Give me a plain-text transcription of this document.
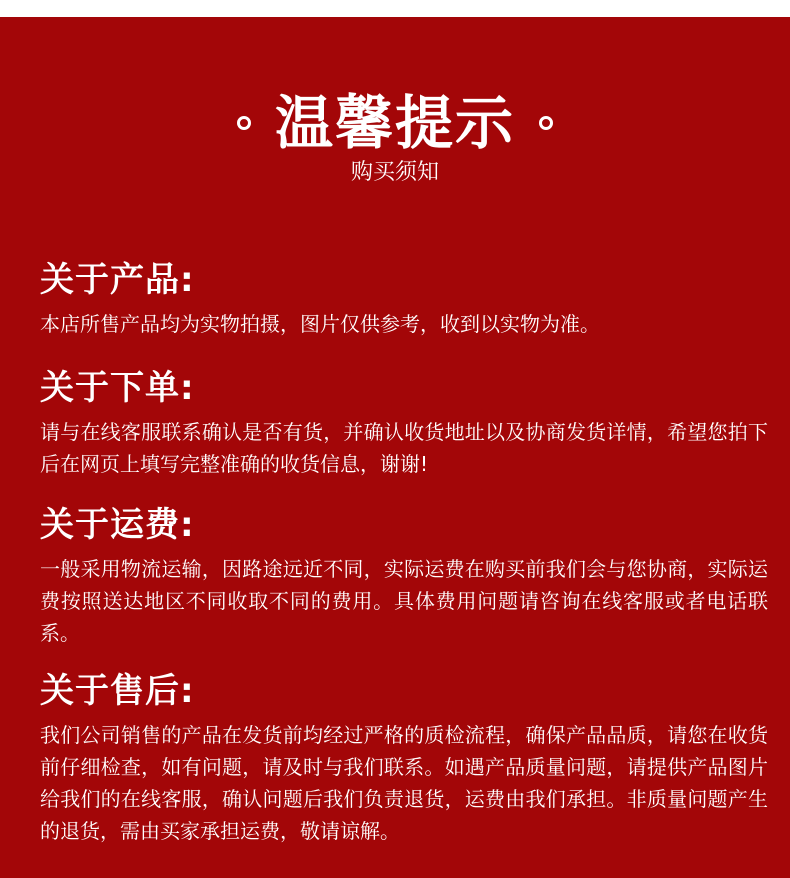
温馨提示
购买须知
关于产品:

本店所售产品均为实物拍摄，图片仅供参考，收到以实物为准。

关于下单:

请与在线客服联系确认是否有货，并确认收货地址以及协商发货详情，希望您拍下后在网页上填写完整准确的收货信息，谢谢!

关于运费:

一般采用物流运输，因路途远近不同，实际运费在购买前我们会与您协商，实际运费按照送达地区不同收取不同的费用。具体费用问题请咨询在线客服或者电话联系。

关于售后:

我们公司销售的产品在发货前均经过严格的质检流程，确保产品品质，请您在收货前仔细检查，如有问题，请及时与我们联系。如遇产品质量问题，请提供产品图片给我们的在线客服，确认问题后我们负责退货，运费由我们承担。非质量问题产生的退货，需由买家承担运费，敬请谅解。
